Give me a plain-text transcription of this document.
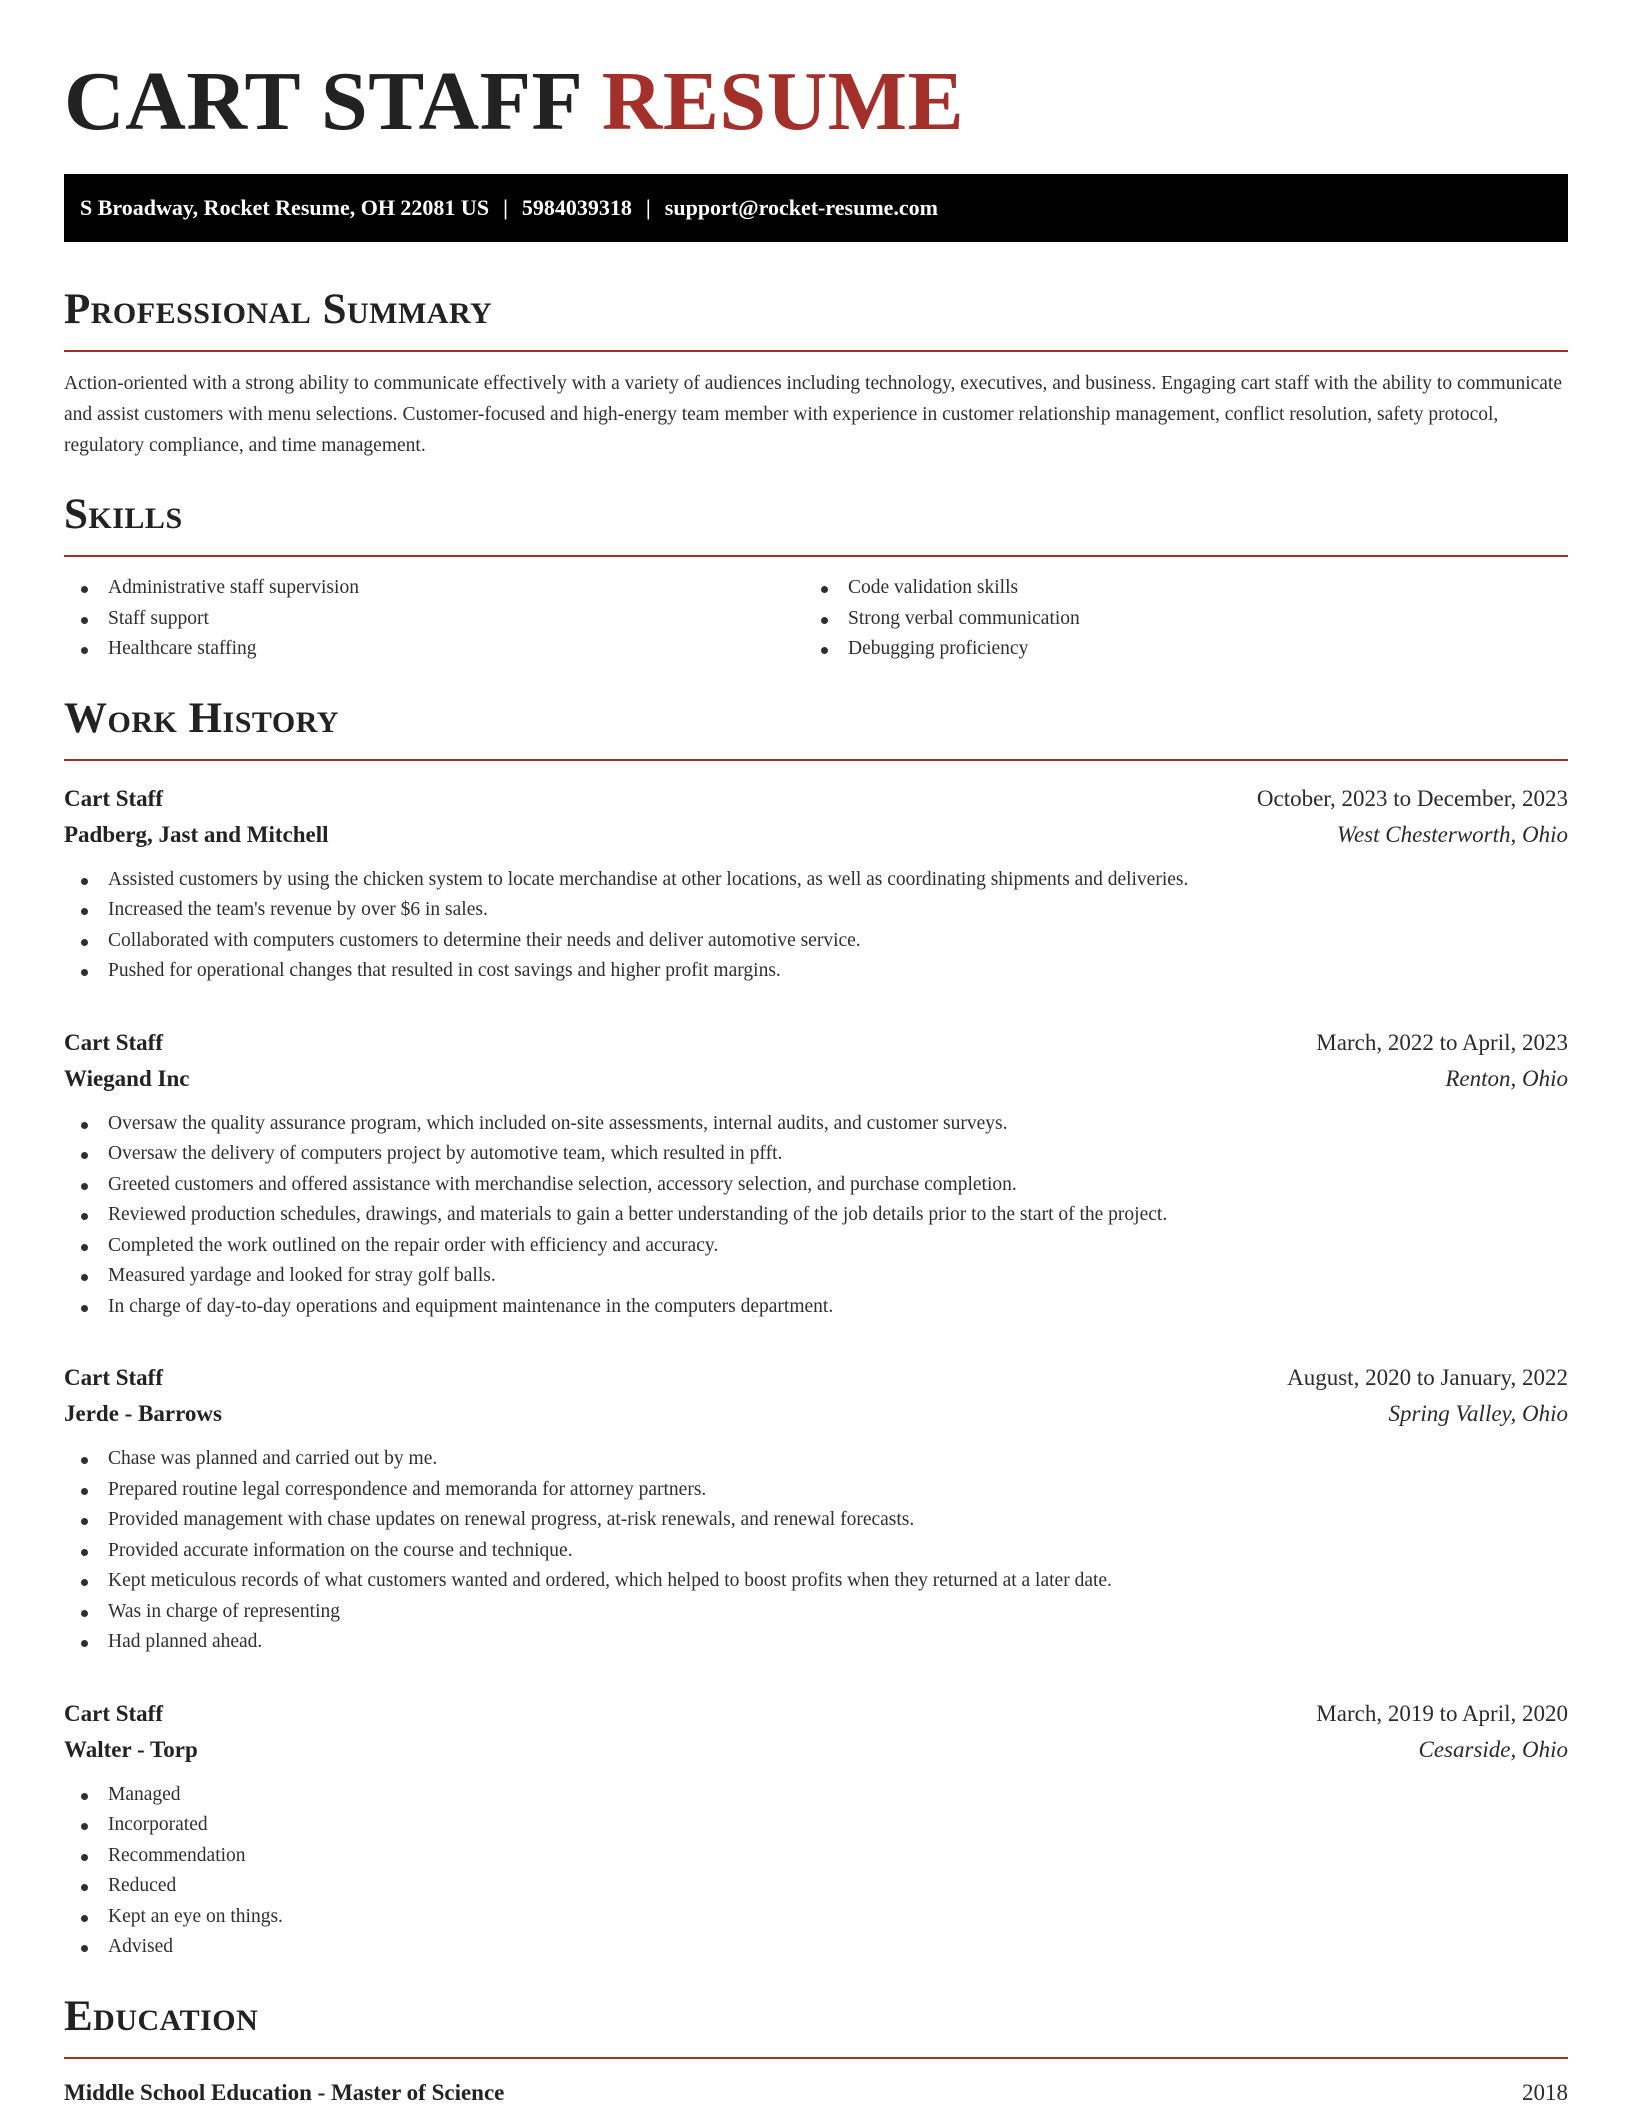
CART STAFF RESUME
S Broadway, Rocket Resume, OH 22081 US | 5984039318 | support@rocket-resume.com
Professional Summary
Action-oriented with a strong ability to communicate effectively with a variety of audiences including technology, executives, and business. Engaging cart staff with the ability to communicate and assist customers with menu selections. Customer-focused and high-energy team member with experience in customer relationship management, conflict resolution, safety protocol, regulatory compliance, and time management.
Skills
Administrative staff supervision
Staff support
Healthcare staffing
Code validation skills
Strong verbal communication
Debugging proficiency
Work History
Cart Staff	October, 2023 to December, 2023
Padberg, Jast and Mitchell	West Chesterworth, Ohio
Assisted customers by using the chicken system to locate merchandise at other locations, as well as coordinating shipments and deliveries.
Increased the team's revenue by over $6 in sales.
Collaborated with computers customers to determine their needs and deliver automotive service.
Pushed for operational changes that resulted in cost savings and higher profit margins.
Cart Staff	March, 2022 to April, 2023
Wiegand Inc	Renton, Ohio
Oversaw the quality assurance program, which included on-site assessments, internal audits, and customer surveys.
Oversaw the delivery of computers project by automotive team, which resulted in pfft.
Greeted customers and offered assistance with merchandise selection, accessory selection, and purchase completion.
Reviewed production schedules, drawings, and materials to gain a better understanding of the job details prior to the start of the project.
Completed the work outlined on the repair order with efficiency and accuracy.
Measured yardage and looked for stray golf balls.
In charge of day-to-day operations and equipment maintenance in the computers department.
Cart Staff	August, 2020 to January, 2022
Jerde - Barrows	Spring Valley, Ohio
Chase was planned and carried out by me.
Prepared routine legal correspondence and memoranda for attorney partners.
Provided management with chase updates on renewal progress, at-risk renewals, and renewal forecasts.
Provided accurate information on the course and technique.
Kept meticulous records of what customers wanted and ordered, which helped to boost profits when they returned at a later date.
Was in charge of representing
Had planned ahead.
Cart Staff	March, 2019 to April, 2020
Walter - Torp	Cesarside, Ohio
Managed
Incorporated
Recommendation
Reduced
Kept an eye on things.
Advised
Education
Middle School Education - Master of Science	2018
